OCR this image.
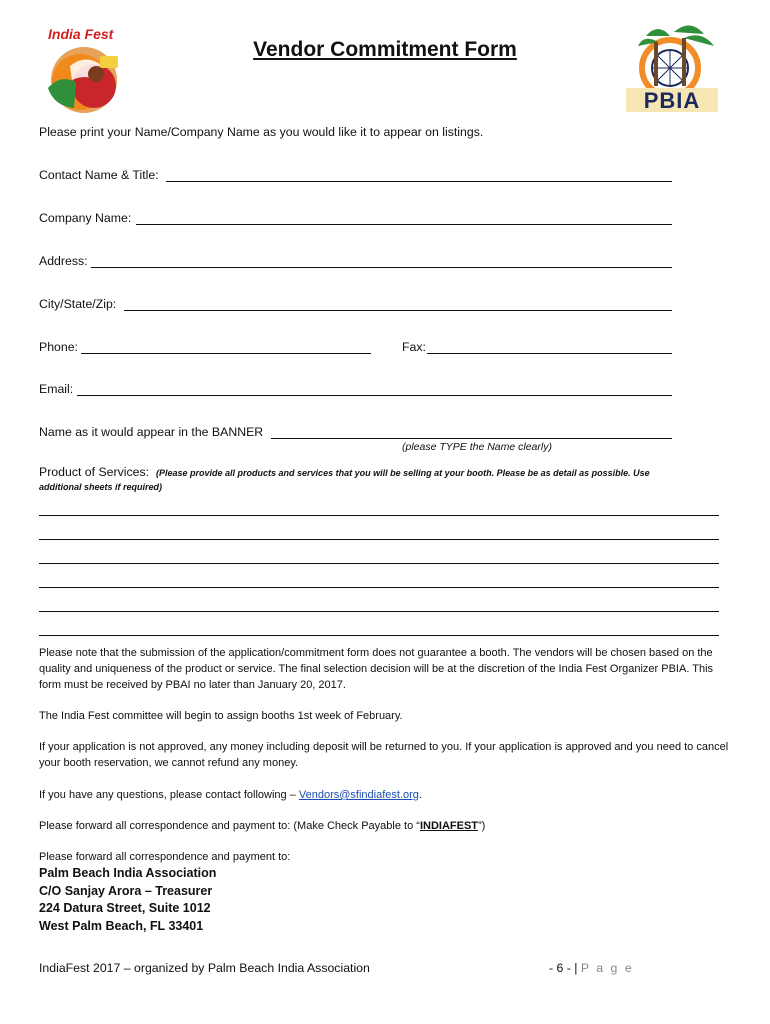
India Fest
PBIA
Vendor Commitment Form
Please print your Name/Company Name as you would like it to appear on listings.
Contact Name & Title:
Company Name:
Address:
City/State/Zip:
Phone:	Fax:
Email:
Name as it would appear in the BANNER
(please TYPE the Name clearly)
Product of Services: (Please provide all products and services that you will be selling at your booth. Please be as detail as possible. Use
additional sheets if required)
Please note that the submission of the application/commitment form does not guarantee a booth. The vendors will be chosen based on the quality and uniqueness of the product or service. The final selection decision will be at the discretion of the India Fest Organizer PBIA. This form must be received by PBAI no later than January 20, 2017.
The India Fest committee will begin to assign booths 1st week of February.
If your application is not approved, any money including deposit will be returned to you. If your application is approved and you need to cancel your booth reservation, we cannot refund any money.
If you have any questions, please contact following – Vendors@sfindiafest.org.
Please forward all correspondence and payment to: (Make Check Payable to “INDIAFEST”)
Please forward all correspondence and payment to:
Palm Beach India Association
C/O Sanjay Arora – Treasurer
224 Datura Street, Suite 1012
West Palm Beach, FL 33401
IndiaFest 2017 – organized by Palm Beach India Association	- 6 - | P a g e
